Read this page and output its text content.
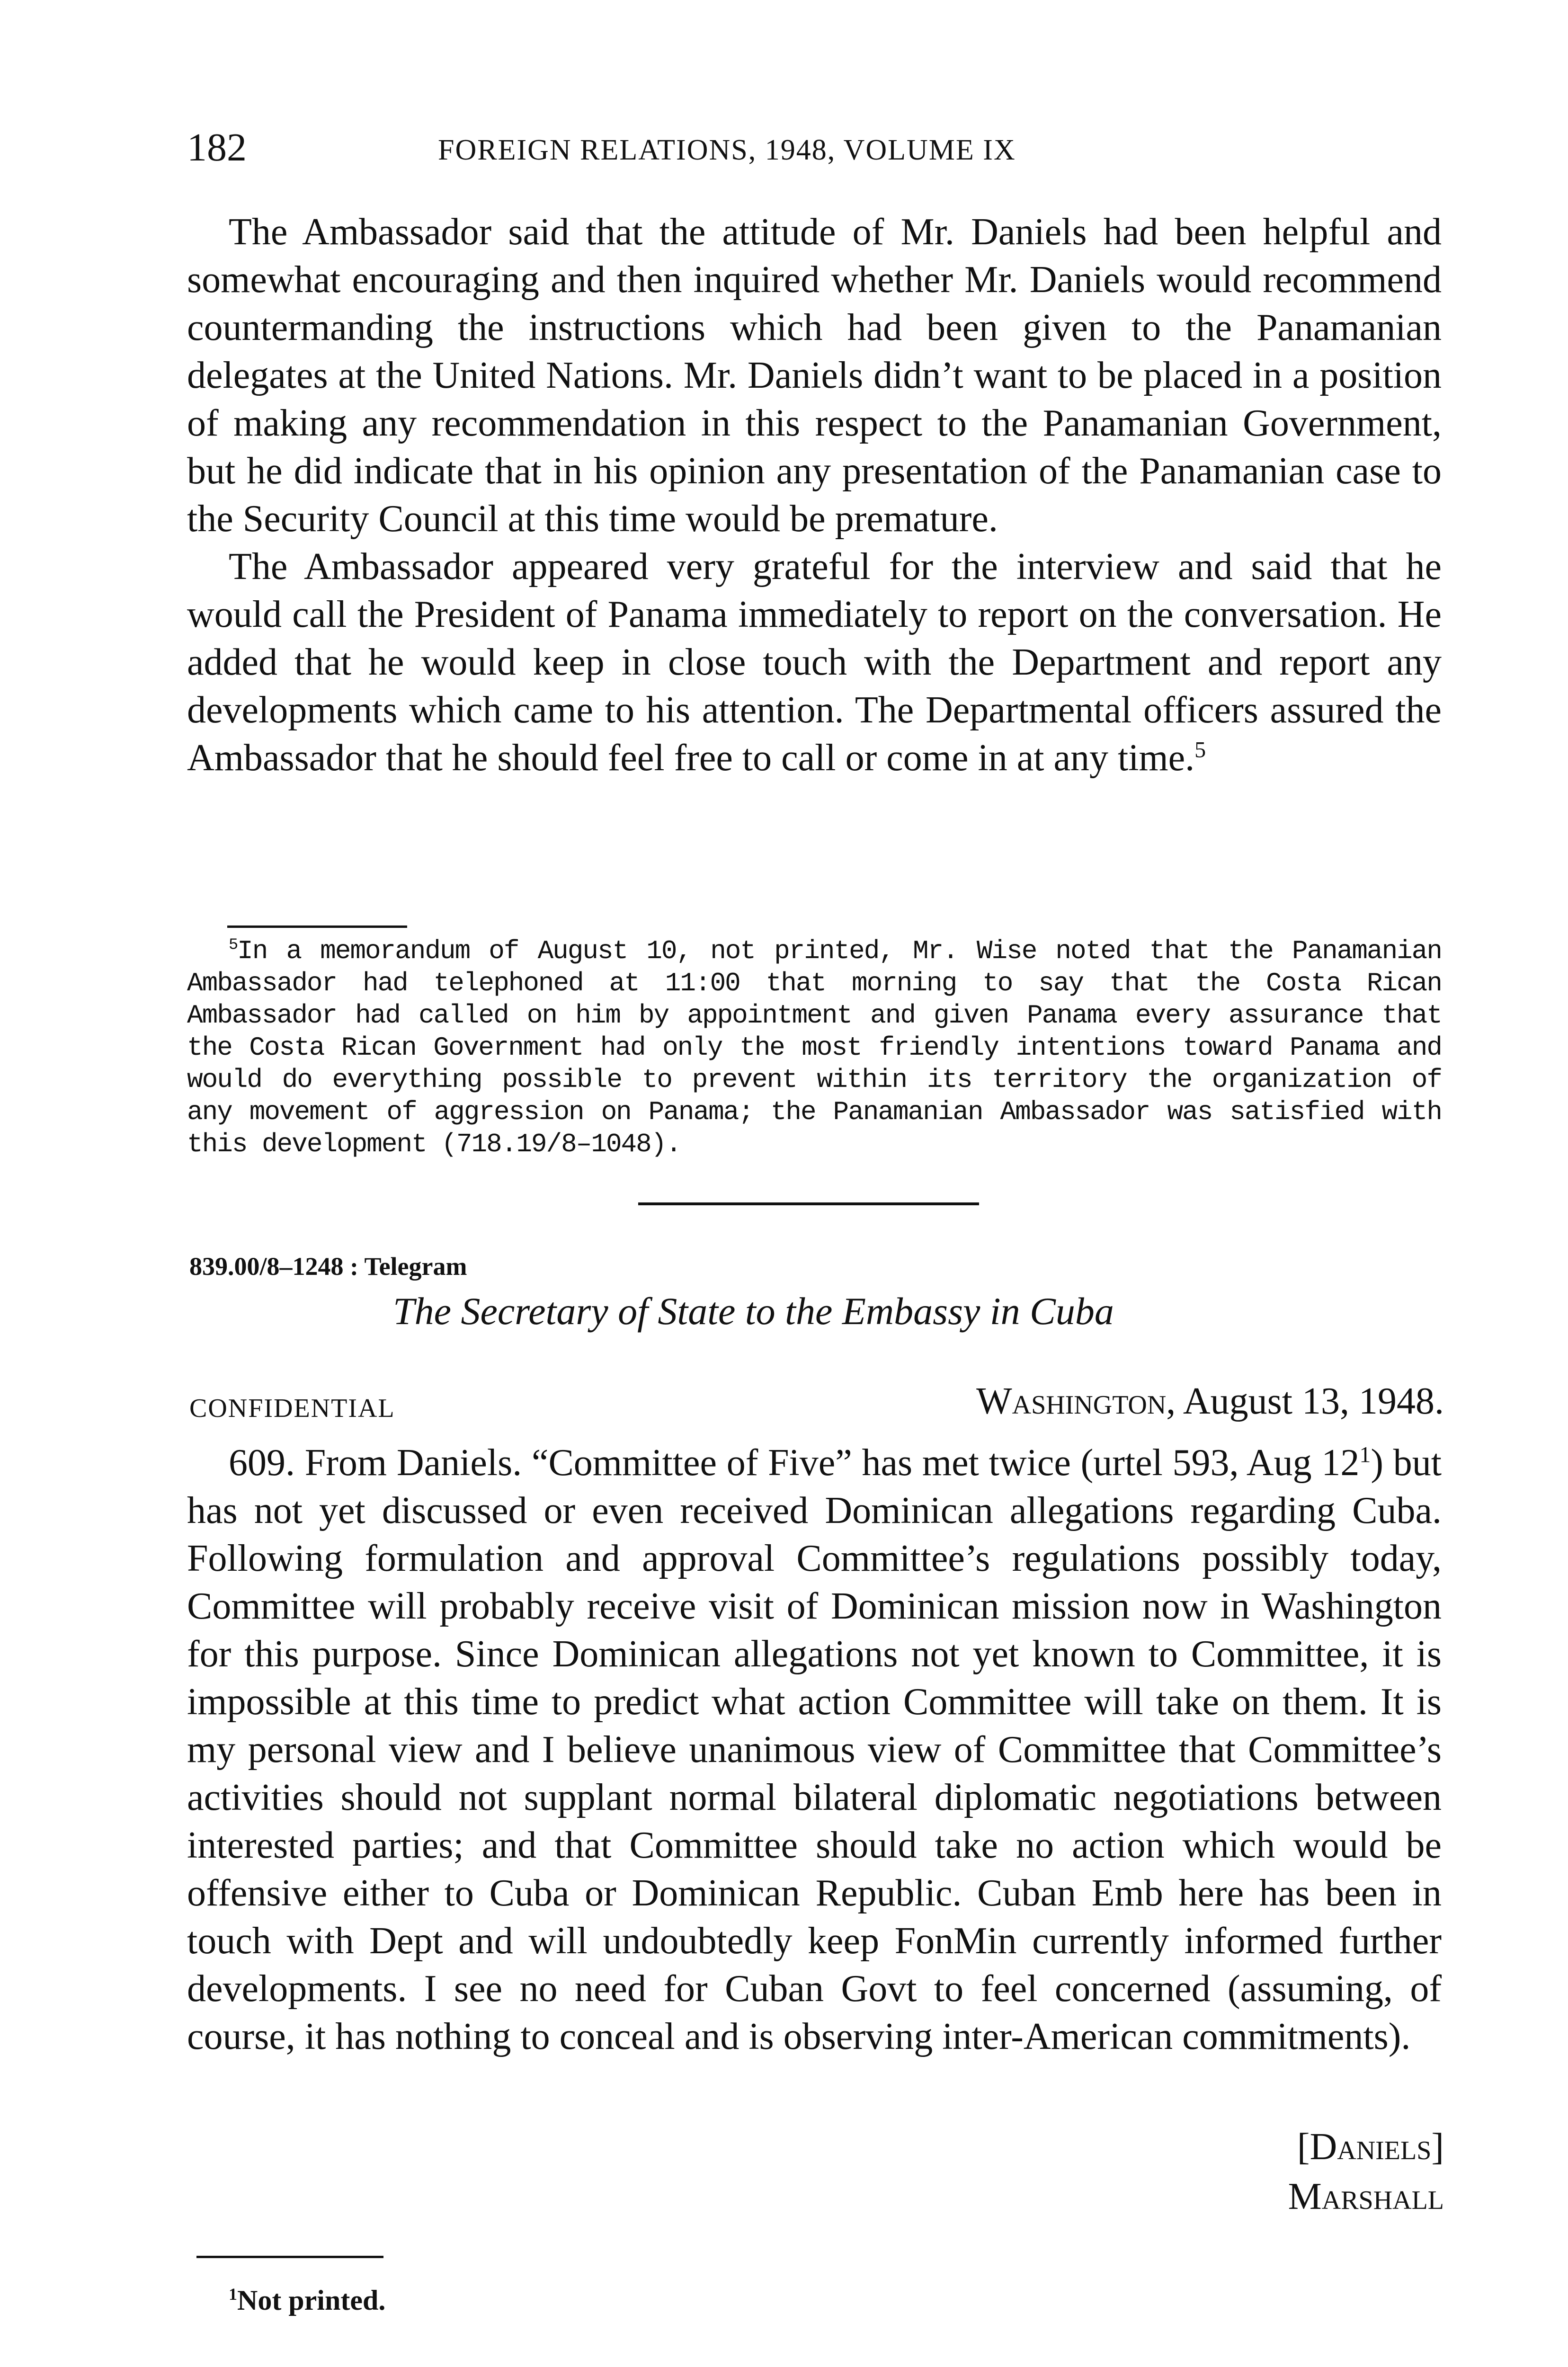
182	FOREIGN RELATIONS, 1948, VOLUME IX

The Ambassador said that the attitude of Mr. Daniels had been helpful and somewhat encouraging and then inquired whether Mr. Daniels would recommend countermanding the instructions which had been given to the Panamanian delegates at the United Nations. Mr. Daniels didn’t want to be placed in a position of making any recommendation in this respect to the Panamanian Government, but he did indicate that in his opinion any presentation of the Panamanian case to the Security Council at this time would be premature.

The Ambassador appeared very grateful for the interview and said that he would call the President of Panama immediately to report on the conversation. He added that he would keep in close touch with the Department and report any developments which came to his attention. The Departmental officers assured the Ambassador that he should feel free to call or come in at any time.$^5$

$^5$In a memorandum of August 10, not printed, Mr. Wise noted that the Panamanian Ambassador had telephoned at 11:00 that morning to say that the Costa Rican Ambassador had called on him by appointment and given Panama every assurance that the Costa Rican Government had only the most friendly intentions toward Panama and would do everything possible to prevent within its territory the organization of any movement of aggression on Panama; the Panamanian Ambassador was satisfied with this development (718.19/8–1048).

839.00/8–1248 : Telegram
The Secretary of State to the Embassy in Cuba
CONFIDENTIAL	Washington, August 13, 1948.

609. From Daniels. “Committee of Five” has met twice (urtel 593, Aug $12^1$) but has not yet discussed or even received Dominican allegations regarding Cuba. Following formulation and approval Committee’s regulations possibly today, Committee will probably receive visit of Dominican mission now in Washington for this purpose. Since Dominican allegations not yet known to Committee, it is impossible at this time to predict what action Committee will take on them. It is my personal view and I believe unanimous view of Committee that Committee’s activities should not supplant normal bilateral diplomatic negotiations between interested parties; and that Committee should take no action which would be offensive either to Cuba or Dominican Republic. Cuban Emb here has been in touch with Dept and will undoubtedly keep FonMin currently informed further developments. I see no need for Cuban Govt to feel concerned (assuming, of course, it has nothing to conceal and is observing inter-American commitments).

[Daniels]
Marshall

$^1$Not printed.
